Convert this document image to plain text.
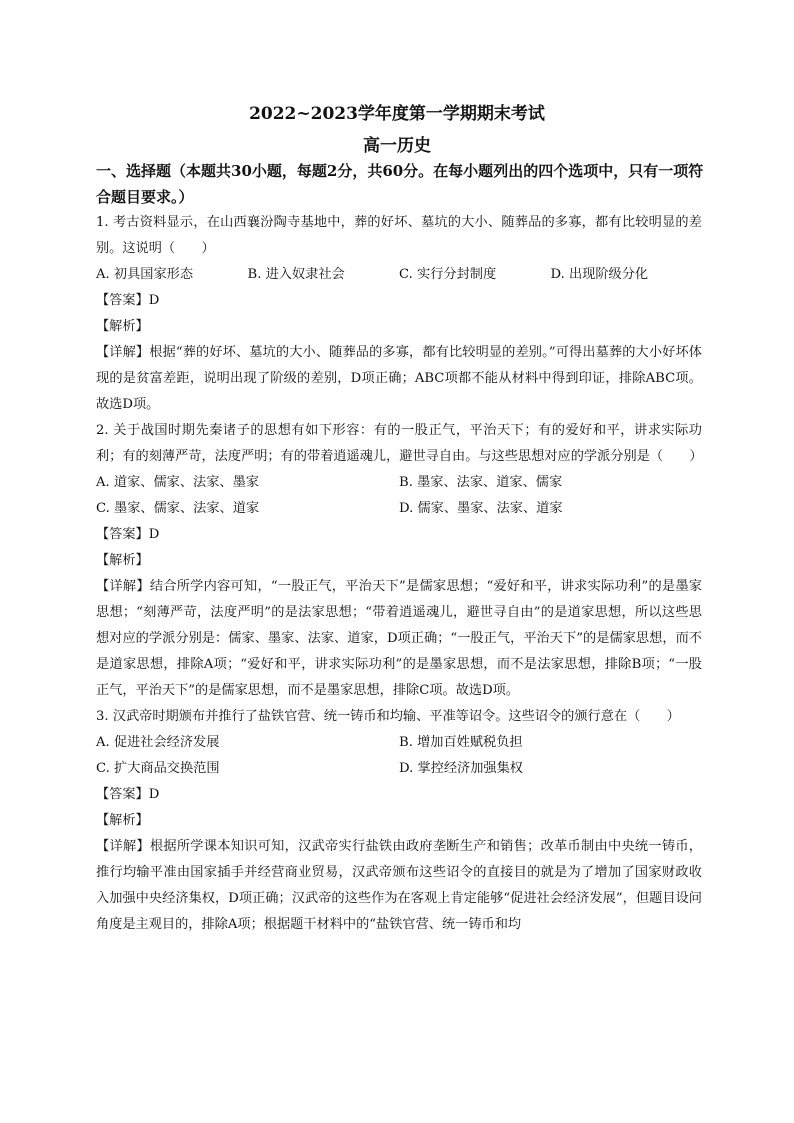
2022~2023学年度第一学期期末考试
高一历史
一、选择题（本题共30小题，每题2分，共60分。在每小题列出的四个选项中，只有一项符合题目要求。）

1. 考古资料显示，在山西襄汾陶寺基地中，葬的好坏、墓坑的大小、随葬品的多寡，都有比较明显的差别。这说明（　　）

A. 初具国家形态	B. 进入奴隶社会	C. 实行分封制度	D. 出现阶级分化

【答案】D

【解析】

【详解】根据“葬的好坏、墓坑的大小、随葬品的多寡，都有比较明显的差别。”可得出墓葬的大小好坏体现的是贫富差距，说明出现了阶级的差别，D项正确；ABC项都不能从材料中得到印证，排除ABC项。故选D项。

2. 关于战国时期先秦诸子的思想有如下形容：有的一股正气，平治天下；有的爱好和平，讲求实际功利；有的刻薄严苛，法度严明；有的带着逍遥魂儿，避世寻自由。与这些思想对应的学派分别是（　　）

A. 道家、儒家、法家、墨家	B. 墨家、法家、道家、儒家
C. 墨家、儒家、法家、道家	D. 儒家、墨家、法家、道家

【答案】D

【解析】

【详解】结合所学内容可知，“一股正气，平治天下”是儒家思想；“爱好和平，讲求实际功利”的是墨家思想；“刻薄严苛，法度严明”的是法家思想；“带着逍遥魂儿，避世寻自由”的是道家思想，所以这些思想对应的学派分别是：儒家、墨家、法家、道家，D项正确；“一股正气，平治天下”的是儒家思想，而不是道家思想，排除A项；“爱好和平，讲求实际功利”的是墨家思想，而不是法家思想，排除B项；“一股正气，平治天下”的是儒家思想，而不是墨家思想，排除C项。故选D项。

3. 汉武帝时期颁布并推行了盐铁官营、统一铸币和均输、平准等诏令。这些诏令的颁行意在（　　）

A. 促进社会经济发展	B. 增加百姓赋税负担
C. 扩大商品交换范围	D. 掌控经济加强集权

【答案】D

【解析】

【详解】根据所学课本知识可知，汉武帝实行盐铁由政府垄断生产和销售；改革币制由中央统一铸币，推行均输平准由国家插手并经营商业贸易，汉武帝颁布这些诏令的直接目的就是为了增加了国家财政收入加强中央经济集权，D项正确；汉武帝的这些作为在客观上肯定能够“促进社会经济发展”，但题目设问角度是主观目的，排除A项；根据题干材料中的“盐铁官营、统一铸币和均
